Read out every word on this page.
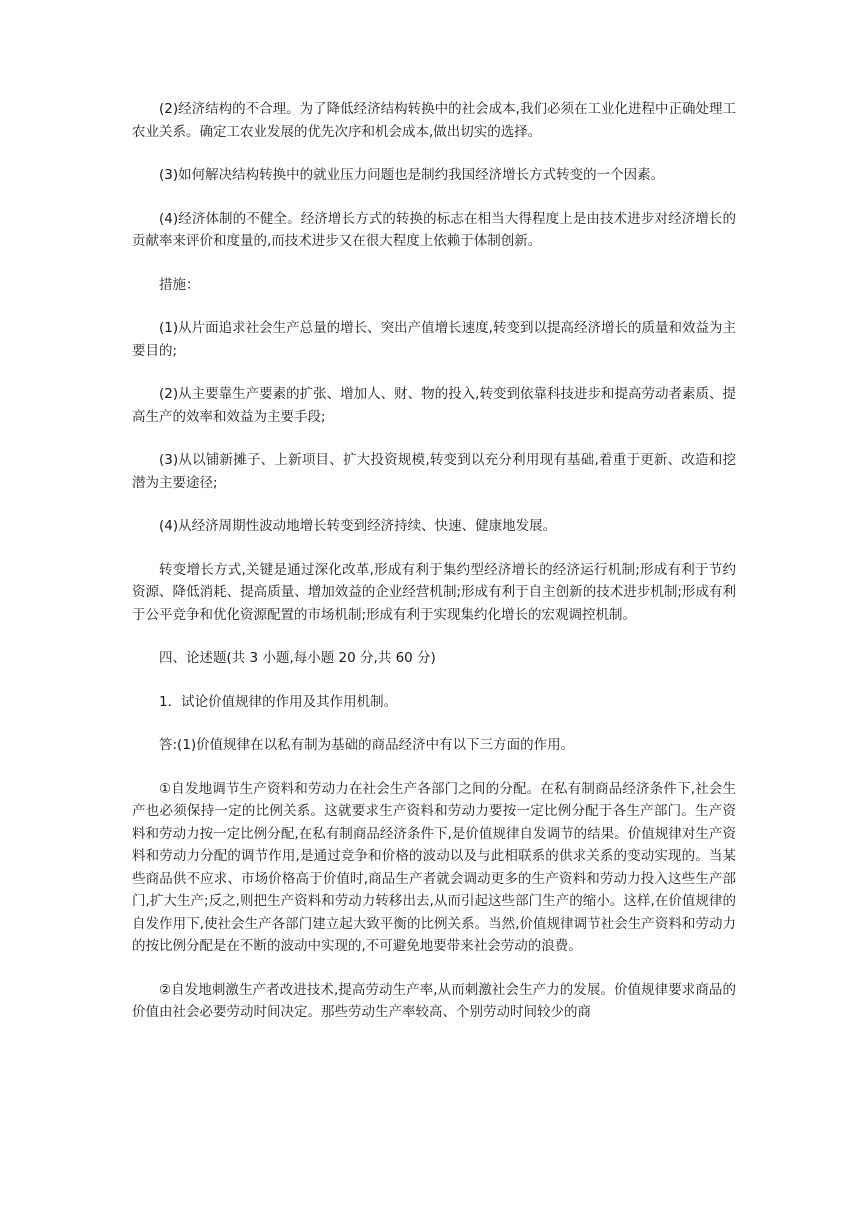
(2)经济结构的不合理。为了降低经济结构转换中的社会成本,我们必须在工业化进程中正确处理工农业关系。确定工农业发展的优先次序和机会成本,做出切实的选择。

(3)如何解决结构转换中的就业压力问题也是制约我国经济增长方式转变的一个因素。

(4)经济体制的不健全。经济增长方式的转换的标志在相当大得程度上是由技术进步对经济增长的贡献率来评价和度量的,而技术进步又在很大程度上依赖于体制创新。

措施：

(1)从片面追求社会生产总量的增长、突出产值增长速度,转变到以提高经济增长的质量和效益为主要目的;

(2)从主要靠生产要素的扩张、增加人、财、物的投入,转变到依靠科技进步和提高劳动者素质、提高生产的效率和效益为主要手段;

(3)从以铺新摊子、上新项目、扩大投资规模,转变到以充分利用现有基础,着重于更新、改造和挖潜为主要途径;

(4)从经济周期性波动地增长转变到经济持续、快速、健康地发展。

转变增长方式,关键是通过深化改革,形成有利于集约型经济增长的经济运行机制;形成有利于节约资源、降低消耗、提高质量、增加效益的企业经营机制;形成有利于自主创新的技术进步机制;形成有利于公平竞争和优化资源配置的市场机制;形成有利于实现集约化增长的宏观调控机制。

四、论述题(共 3 小题,每小题 20 分,共 60 分)

1．试论价值规律的作用及其作用机制。

答:(1)价值规律在以私有制为基础的商品经济中有以下三方面的作用。

①自发地调节生产资料和劳动力在社会生产各部门之间的分配。在私有制商品经济条件下,社会生产也必须保持一定的比例关系。这就要求生产资料和劳动力要按一定比例分配于各生产部门。生产资料和劳动力按一定比例分配,在私有制商品经济条件下,是价值规律自发调节的结果。价值规律对生产资料和劳动力分配的调节作用,是通过竞争和价格的波动以及与此相联系的供求关系的变动实现的。当某些商品供不应求、市场价格高于价值时,商品生产者就会调动更多的生产资料和劳动力投入这些生产部门,扩大生产;反之,则把生产资料和劳动力转移出去,从而引起这些部门生产的缩小。这样,在价值规律的自发作用下,使社会生产各部门建立起大致平衡的比例关系。当然,价值规律调节社会生产资料和劳动力的按比例分配是在不断的波动中实现的,不可避免地要带来社会劳动的浪费。

②自发地刺激生产者改进技术,提高劳动生产率,从而刺激社会生产力的发展。价值规律要求商品的价值由社会必要劳动时间决定。那些劳动生产率较高、个别劳动时间较少的商
